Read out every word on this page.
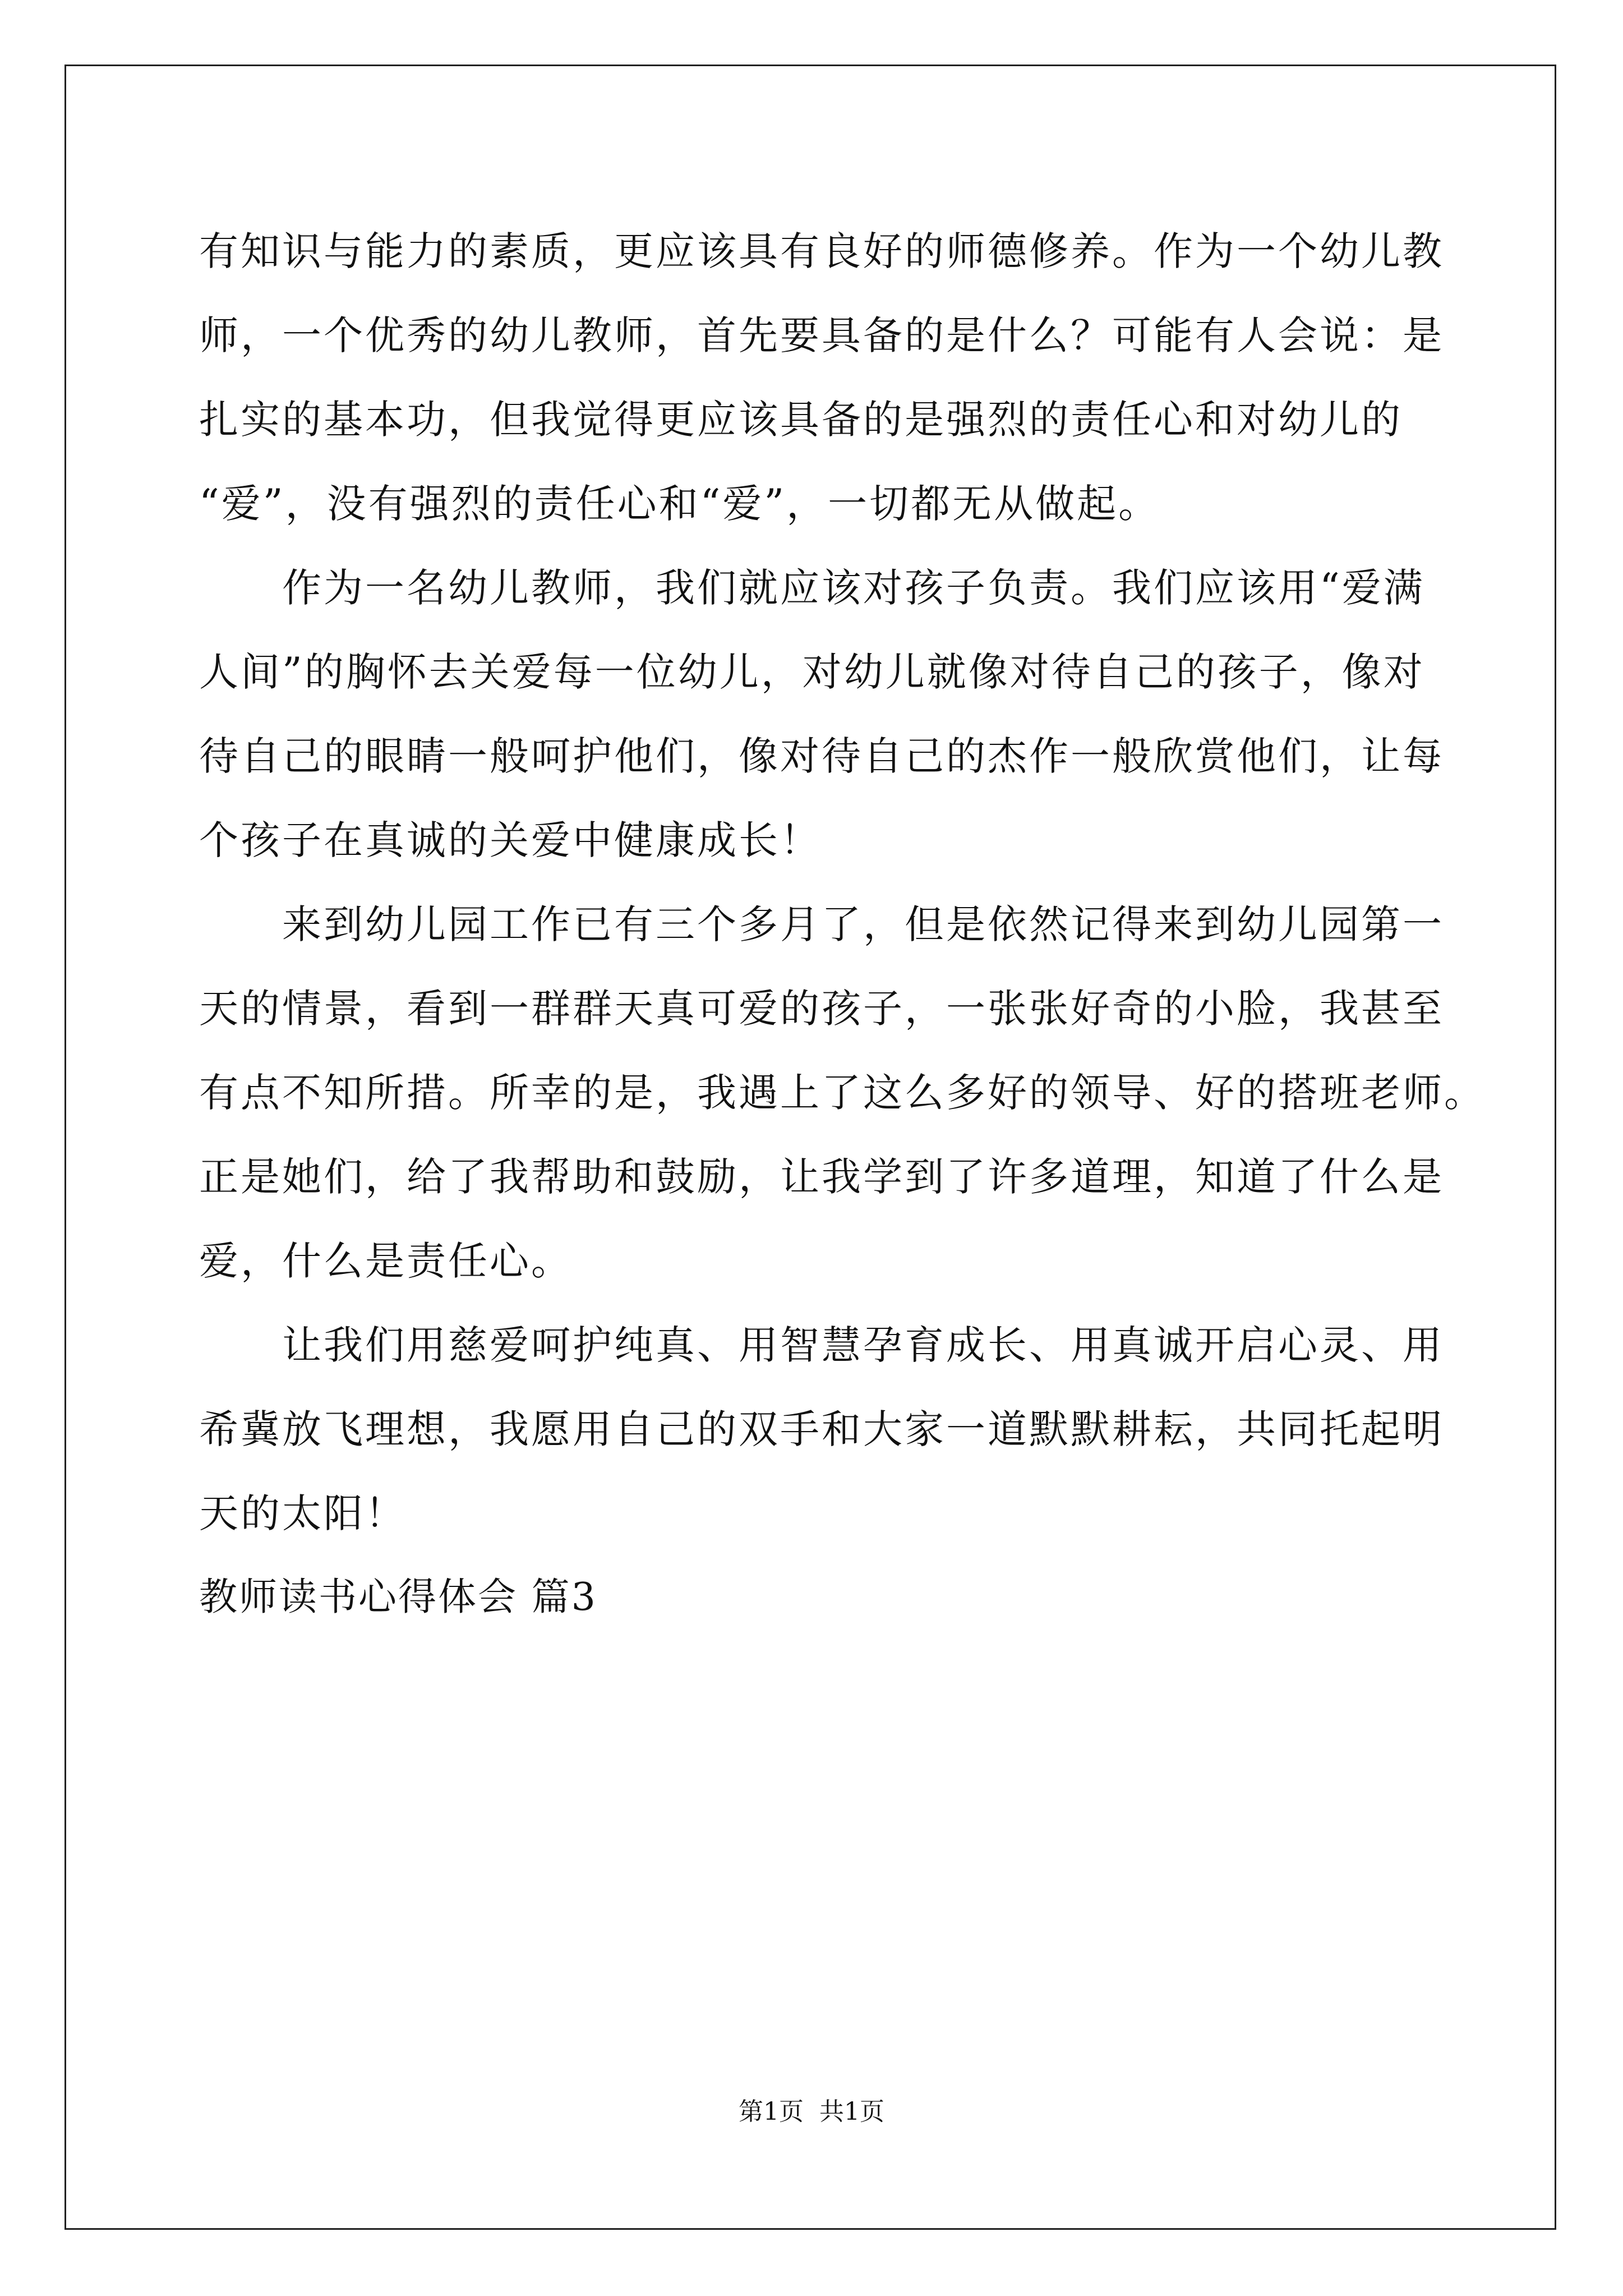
有知识与能力的素质，更应该具有良好的师德修养。作为一个幼儿教
师，一个优秀的幼儿教师，首先要具备的是什么？可能有人会说：是
扎实的基本功，但我觉得更应该具备的是强烈的责任心和对幼儿的
“爱”，没有强烈的责任心和“爱”，一切都无从做起。
　　作为一名幼儿教师，我们就应该对孩子负责。我们应该用“爱满
人间”的胸怀去关爱每一位幼儿，对幼儿就像对待自己的孩子，像对
待自己的眼睛一般呵护他们，像对待自己的杰作一般欣赏他们，让每
个孩子在真诚的关爱中健康成长！
　　来到幼儿园工作已有三个多月了，但是依然记得来到幼儿园第一
天的情景，看到一群群天真可爱的孩子，一张张好奇的小脸，我甚至
有点不知所措。所幸的是，我遇上了这么多好的领导、好的搭班老师。
正是她们，给了我帮助和鼓励，让我学到了许多道理，知道了什么是
爱，什么是责任心。
　　让我们用慈爱呵护纯真、用智慧孕育成长、用真诚开启心灵、用
希冀放飞理想，我愿用自己的双手和大家一道默默耕耘，共同托起明
天的太阳！
教师读书心得体会 篇3
第1页 共1页
